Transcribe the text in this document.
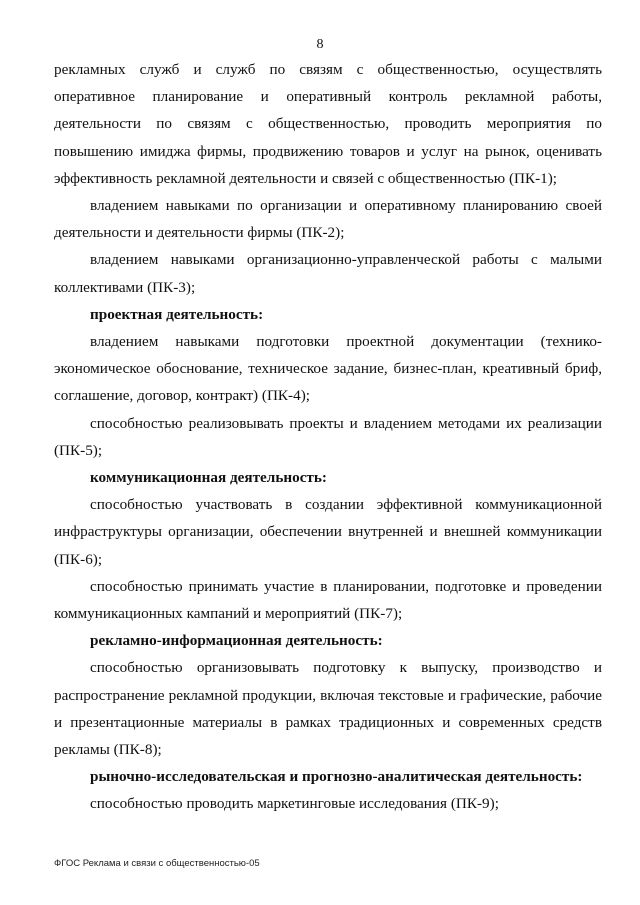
8

рекламных служб и служб по связям с общественностью, осуществлять оперативное планирование и оперативный контроль рекламной работы, деятельности по связям с общественностью, проводить мероприятия по повышению имиджа фирмы, продвижению товаров и услуг на рынок, оценивать эффективность рекламной деятельности и связей с общественностью (ПК-1);

владением навыками по организации и оперативному планированию своей деятельности и деятельности фирмы (ПК-2);

владением навыками организационно-управленческой работы с малыми коллективами (ПК-3);

проектная деятельность:

владением навыками подготовки проектной документации (технико-экономическое обоснование, техническое задание, бизнес-план, креативный бриф, соглашение, договор, контракт) (ПК-4);

способностью реализовывать проекты и владением методами их реализации (ПК-5);

коммуникационная деятельность:

способностью участвовать в создании эффективной коммуникационной инфраструктуры организации, обеспечении внутренней и внешней коммуникации (ПК-6);

способностью принимать участие в планировании, подготовке и проведении коммуникационных кампаний и мероприятий (ПК-7);

рекламно-информационная деятельность:

способностью организовывать подготовку к выпуску, производство и распространение рекламной продукции, включая текстовые и графические, рабочие и презентационные материалы в рамках традиционных и современных средств рекламы (ПК-8);

рыночно-исследовательская и прогнозно-аналитическая деятельность:

способностью проводить маркетинговые исследования (ПК-9);

ФГОС Реклама и связи с общественностью-05
